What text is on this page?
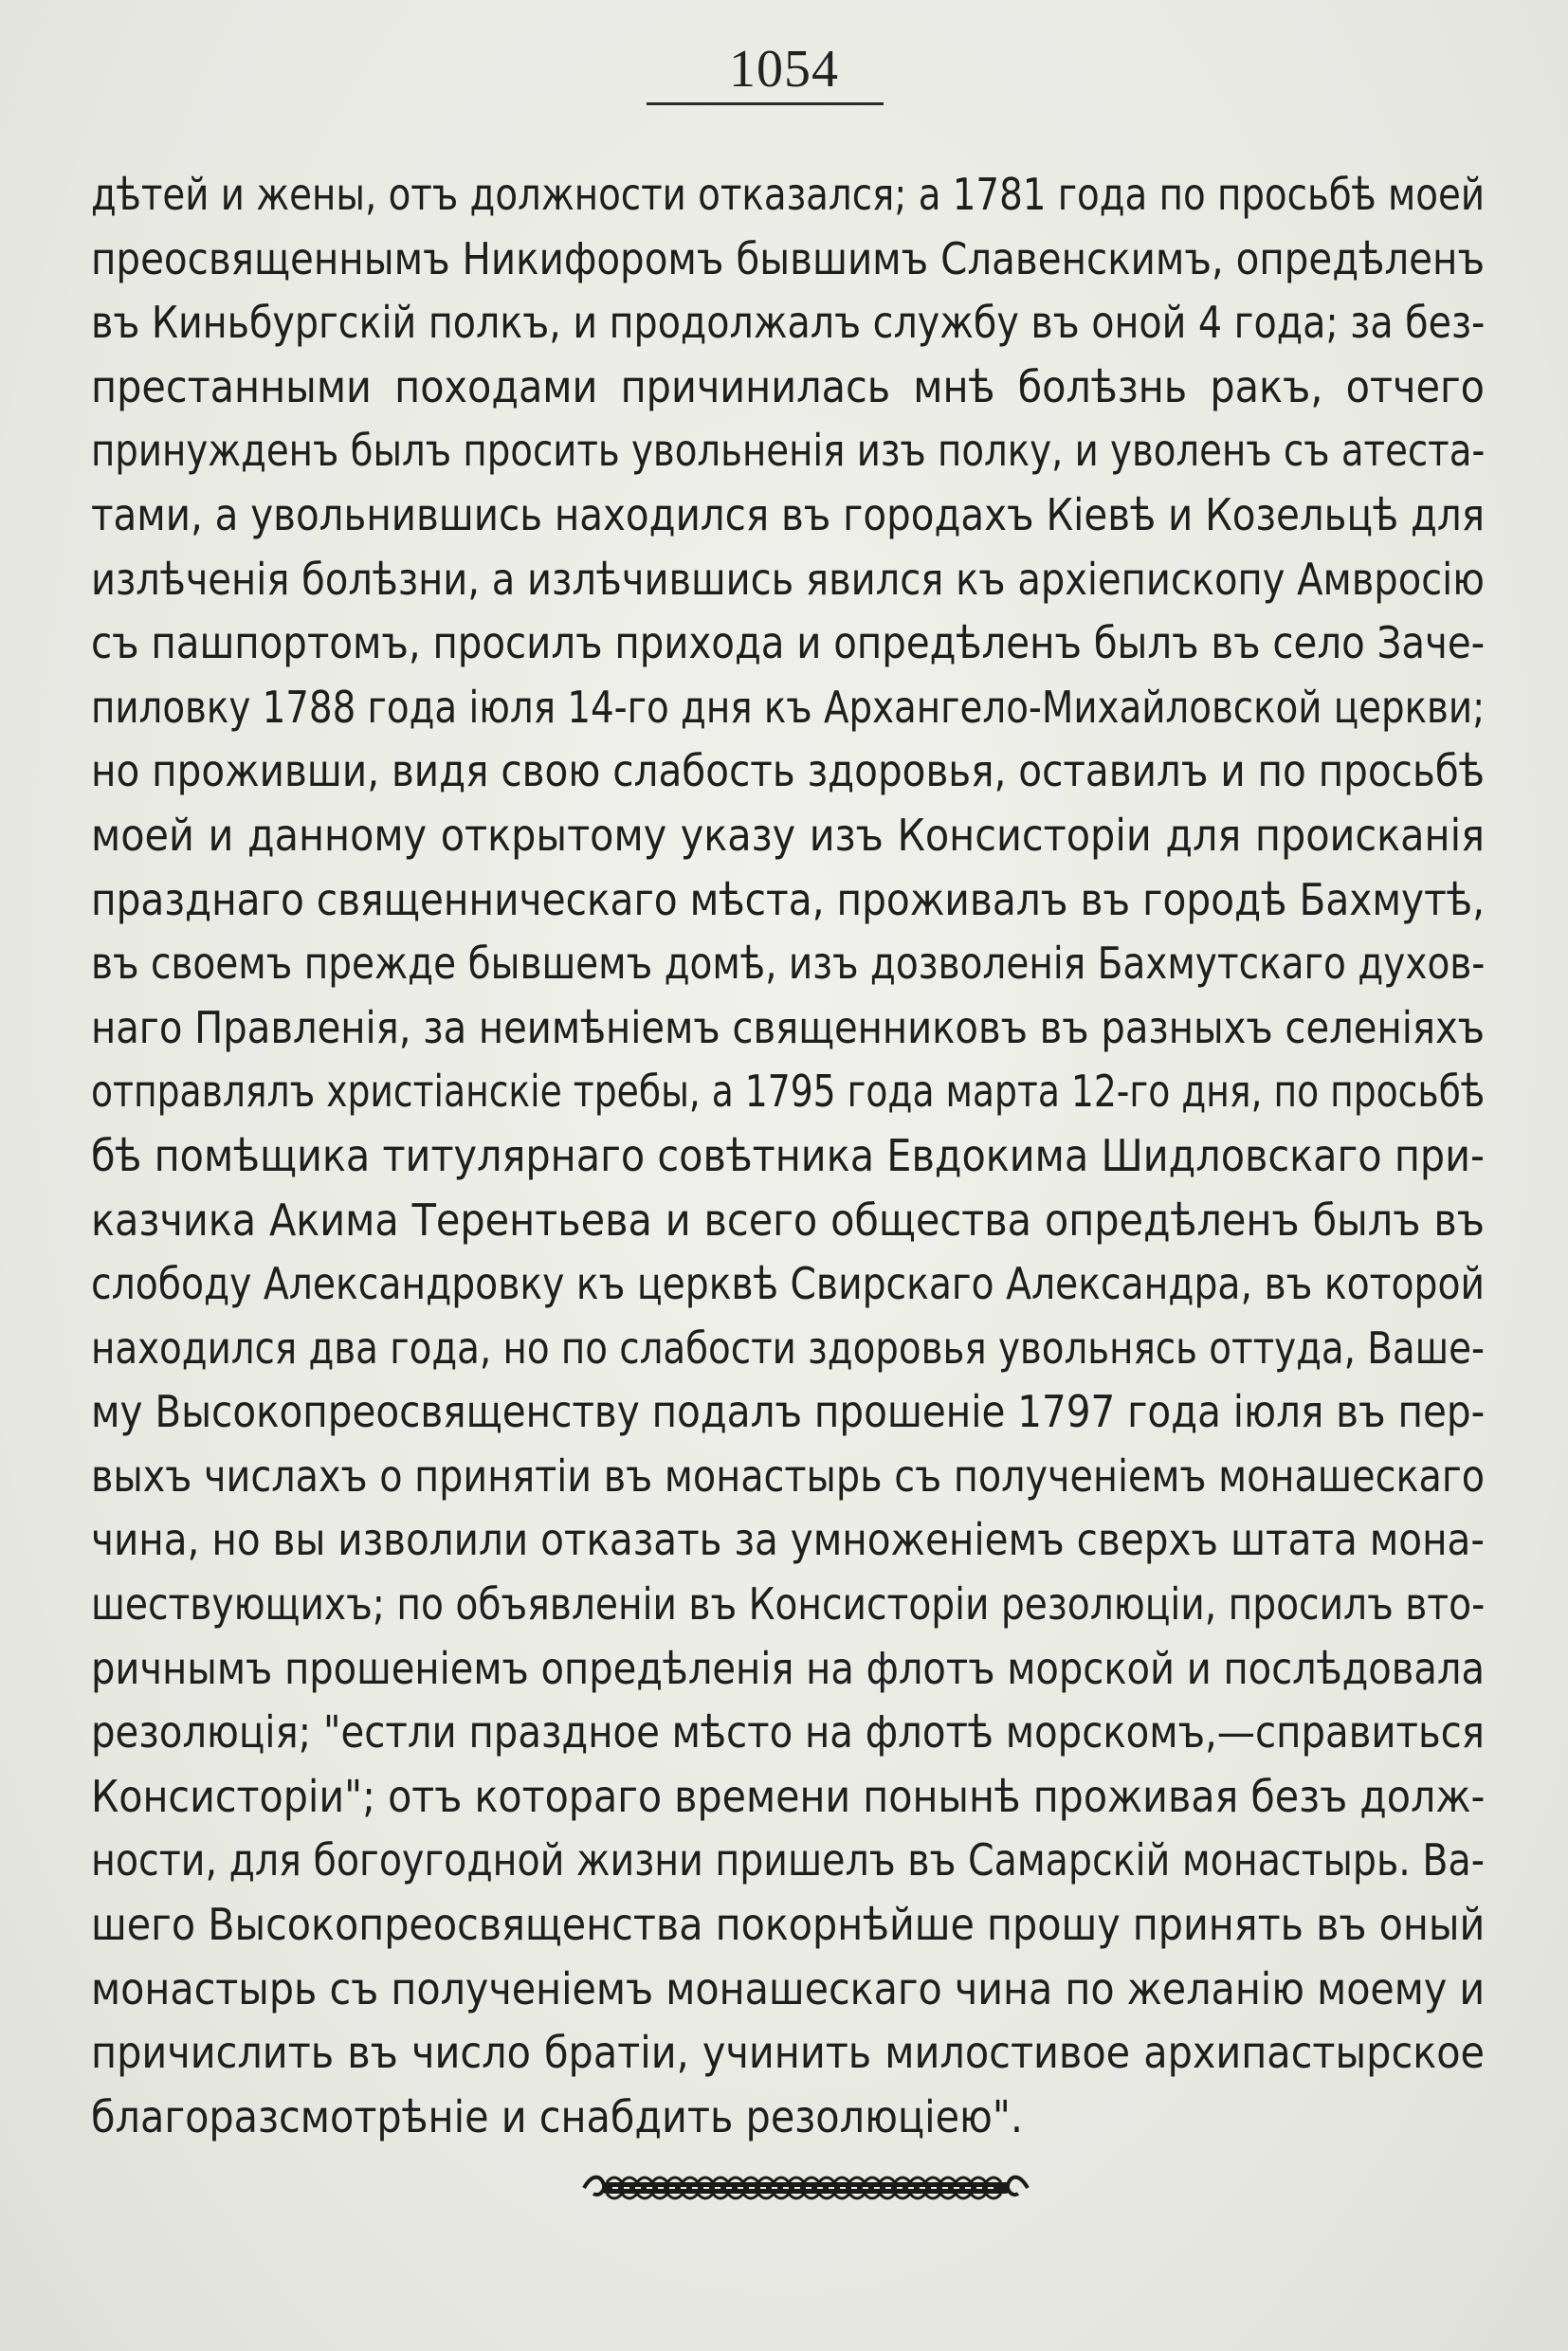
1054
дѣтей и жены, отъ должности отказался; а 1781 года по просьбѣ моей
преосвященнымъ Никифоромъ бывшимъ Славенскимъ, опредѣленъ
въ Киньбургскій полкъ, и продолжалъ службу въ оной 4 года; за без-
престанными походами причинилась мнѣ болѣзнь ракъ, отчего
принужденъ былъ просить увольненія изъ полку, и уволенъ съ атеста-
тами, а увольнившись находился въ городахъ Кіевѣ и Козельцѣ для
излѣченія болѣзни, а излѣчившись явился къ архіепископу Амвросію
съ пашпортомъ, просилъ прихода и опредѣленъ былъ въ село Заче-
пиловку 1788 года іюля 14-го дня къ Архангело-Михайловской церкви;
но проживши, видя свою слабость здоровья, оставилъ и по просьбѣ
моей и данному открытому указу изъ Консисторіи для происканія
празднаго священническаго мѣста, проживалъ въ городѣ Бахмутѣ,
въ своемъ прежде бывшемъ домѣ, изъ дозволенія Бахмутскаго духов-
наго Правленія, за неимѣніемъ священниковъ въ разныхъ селеніяхъ
отправлялъ христіанскіе требы, а 1795 года марта 12-го дня, по просьбѣ
бѣ помѣщика титулярнаго совѣтника Евдокима Шидловскаго при-
казчика Акима Терентьева и всего общества опредѣленъ былъ въ
слободу Александровку къ церквѣ Свирскаго Александра, въ которой
находился два года, но по слабости здоровья увольнясь оттуда, Ваше-
му Высокопреосвященству подалъ прошеніе 1797 года іюля въ пер-
выхъ числахъ о принятіи въ монастырь съ полученіемъ монашескаго
чина, но вы изволили отказать за умноженіемъ сверхъ штата мона-
шествующихъ; по объявленіи въ Консисторіи резолюціи, просилъ вто-
ричнымъ прошеніемъ опредѣленія на флотъ морской и послѣдовала
резолюція; "естли праздное мѣсто на флотѣ морскомъ,—справиться
Консисторіи"; отъ котораго времени понынѣ проживая безъ долж-
ности, для богоугодной жизни пришелъ въ Самарскій монастырь. Ва-
шего Высокопреосвященства покорнѣйше прошу принять въ оный
монастырь съ полученіемъ монашескаго чина по желанію моему и
причислить въ число братіи, учинить милостивое архипастырское
благоразсмотрѣніе и снабдить резолюціею".
